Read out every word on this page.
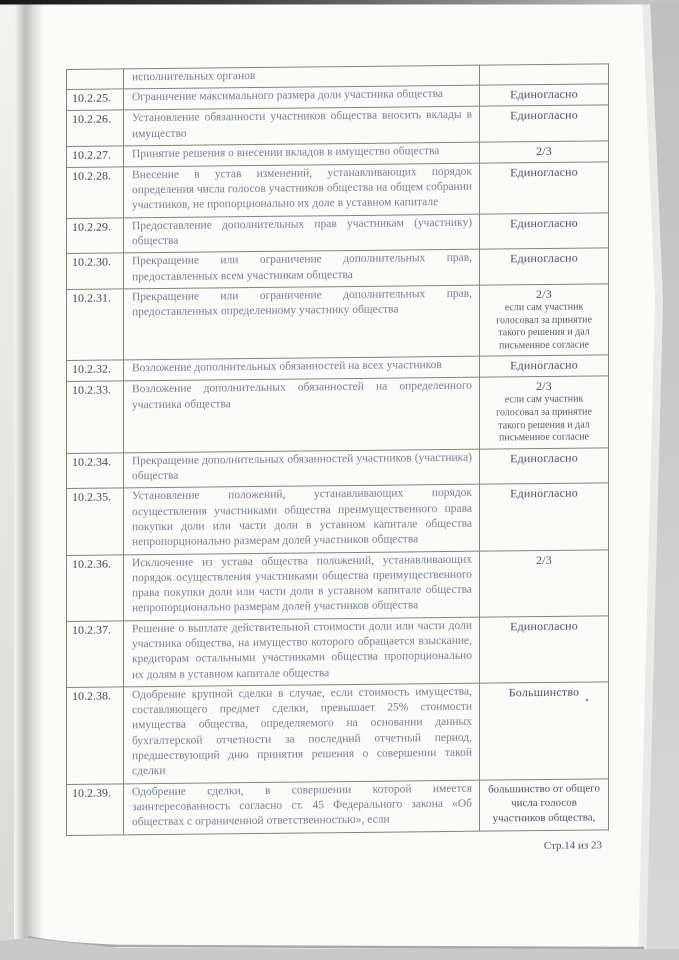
	исполнительных органов	

10.2.25.	Ограничение максимального размера доли участника общества	Единогласно

10.2.26.	Установление обязанности участников общества вносить вклады в имущество	Единогласно

10.2.27.	Принятие решения о внесении вкладов в имущество общества	2/3

10.2.28.	Внесение в устав изменений, устанавливающих порядок определения числа голосов участников общества на общем собрании участников, не пропорционально их доле в уставном капитале	Единогласно

10.2.29.	Предоставление дополнительных прав участникам (участнику) общества	Единогласно

10.2.30.	Прекращение или ограничение дополнительных прав, предоставленных всем участникам общества	Единогласно

10.2.31.	Прекращение или ограничение дополнительных прав, предоставленных определенному участнику общества	2/3
если сам участник голосовал за принятие такого решения и дал письменное согласие

10.2.32.	Возложение дополнительных обязанностей на всех участников	Единогласно

10.2.33.	Возложение дополнительных обязанностей на определенного участника общества	2/3
если сам участник голосовал за принятие такого решения и дал письменное согласие

10.2.34.	Прекращение дополнительных обязанностей участников (участника) общества	Единогласно

10.2.35.	Установление положений, устанавливающих порядок осуществления участниками общества преимущественного права покупки доли или части доли в уставном капитале общества непропорционально размерам долей участников общества	Единогласно

10.2.36.	Исключение из устава общества положений, устанавливающих порядок осуществления участниками общества преимущественного права покупки доли или части доли в уставном капитале общества непропорционально размерам долей участников общества	2/3

10.2.37.	Решение о выплате действительной стоимости доли или части доли участника общества, на имущество которого обращается взыскание, кредиторам остальными участниками общества пропорционально их долям в уставном капитале общества	Единогласно

10.2.38.	Одобрение крупной сделки в случае, если стоимость имущества, составляющего предмет сделки, превышает 25% стоимости имущества общества, определяемого на основании данных бухгалтерской отчетности за последний отчетный период, предшествующий дню принятия решения о совершении такой сделки	Большинство

10.2.39.	Одобрение сделки, в совершении которой имеется заинтересованность согласно ст. 45 Федерального закона «Об обществах с ограниченной ответственностью», если	большинство от общего числа голосов участников общества,
Стр.14 из 23
